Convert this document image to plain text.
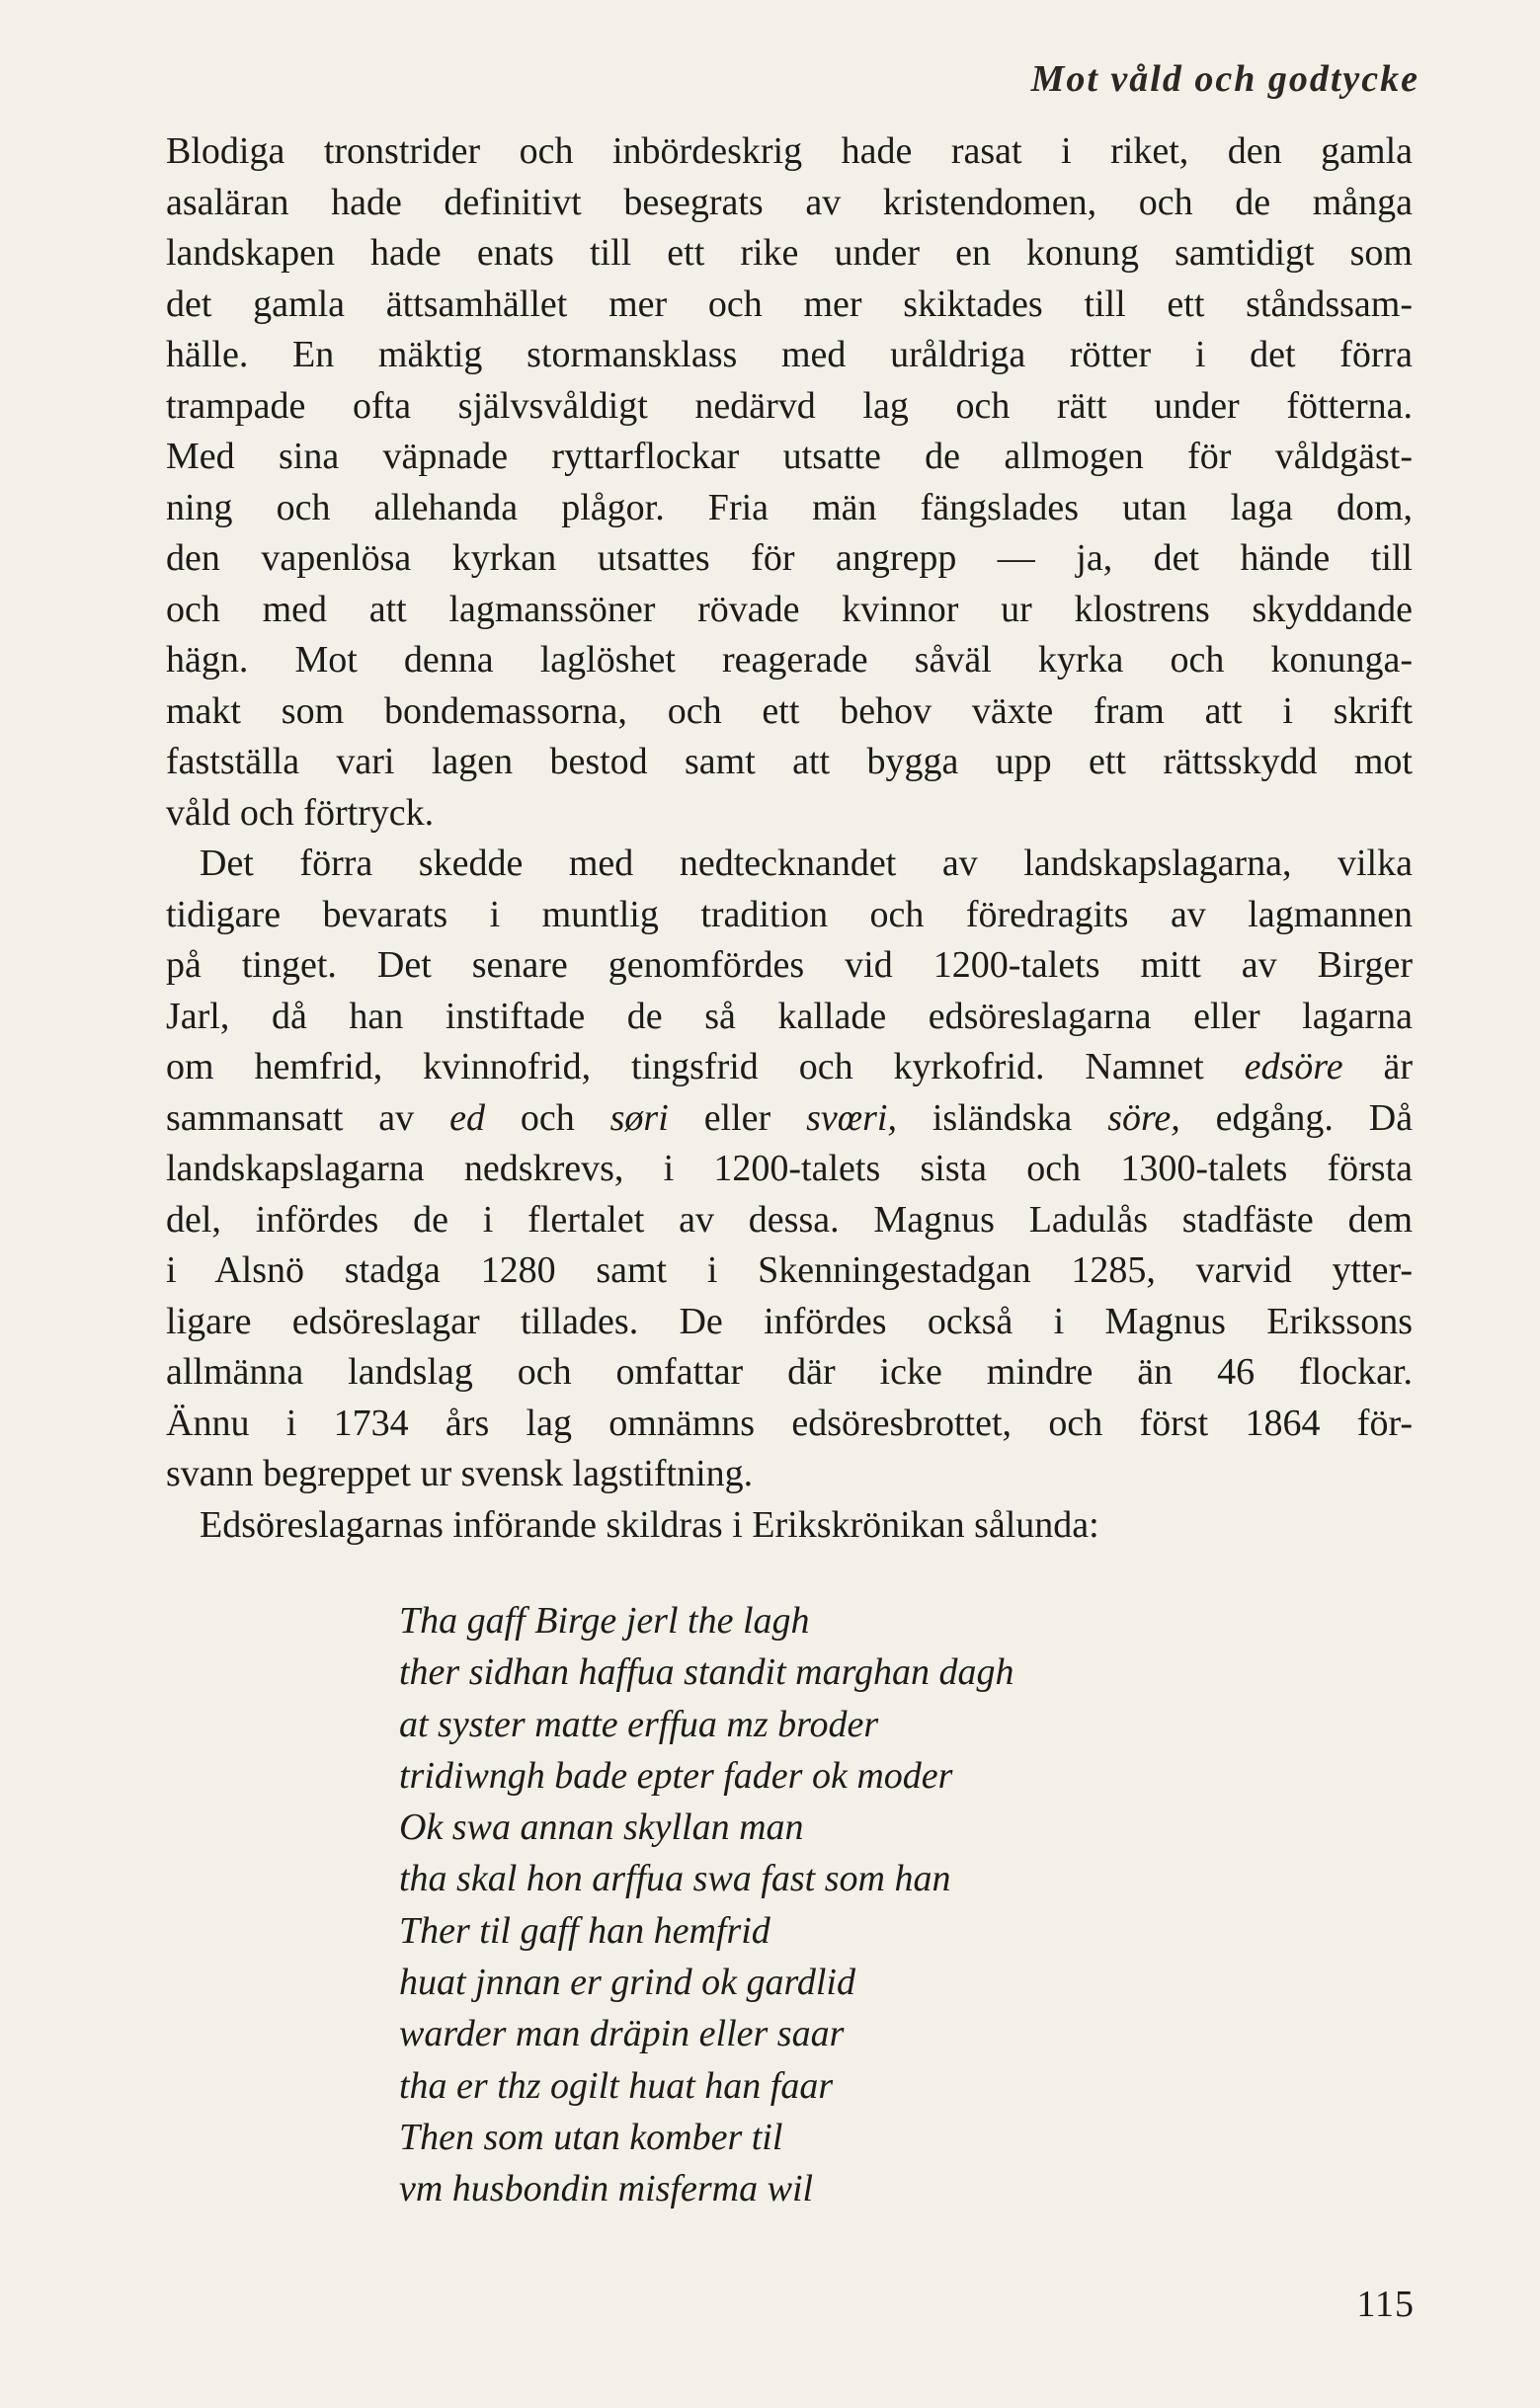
Mot våld och godtycke
Blodiga tronstrider och inbördeskrig hade rasat i riket, den gamla
asaläran hade definitivt besegrats av kristendomen, och de många
landskapen hade enats till ett rike under en konung samtidigt som
det gamla ättsamhället mer och mer skiktades till ett ståndssam-
hälle. En mäktig stormansklass med uråldriga rötter i det förra
trampade ofta självsvåldigt nedärvd lag och rätt under fötterna.
Med sina väpnade ryttarflockar utsatte de allmogen för våldgäst-
ning och allehanda plågor. Fria män fängslades utan laga dom,
den vapenlösa kyrkan utsattes för angrepp — ja, det hände till
och med att lagmanssöner rövade kvinnor ur klostrens skyddande
hägn. Mot denna laglöshet reagerade såväl kyrka och konunga-
makt som bondemassorna, och ett behov växte fram att i skrift
fastställa vari lagen bestod samt att bygga upp ett rättsskydd mot
våld och förtryck.
Det förra skedde med nedtecknandet av landskapslagarna, vilka
tidigare bevarats i muntlig tradition och föredragits av lagmannen
på tinget. Det senare genomfördes vid 1200-talets mitt av Birger
Jarl, då han instiftade de så kallade edsöreslagarna eller lagarna
om hemfrid, kvinnofrid, tingsfrid och kyrkofrid. Namnet edsöre är
sammansatt av ed och søri eller svœri, isländska söre, edgång. Då
landskapslagarna nedskrevs, i 1200-talets sista och 1300-talets första
del, infördes de i flertalet av dessa. Magnus Ladulås stadfäste dem
i Alsnö stadga 1280 samt i Skenningestadgan 1285, varvid ytter-
ligare edsöreslagar tillades. De infördes också i Magnus Erikssons
allmänna landslag och omfattar där icke mindre än 46 flockar.
Ännu i 1734 års lag omnämns edsöresbrottet, och först 1864 för-
svann begreppet ur svensk lagstiftning.
Edsöreslagarnas införande skildras i Erikskrönikan sålunda:
Tha gaff Birge jerl the lagh
ther sidhan haffua standit marghan dagh
at syster matte erffua mz broder
tridiwngh bade epter fader ok moder
Ok swa annan skyllan man
tha skal hon arffua swa fast som han
Ther til gaff han hemfrid
huat jnnan er grind ok gardlid
warder man dräpin eller saar
tha er thz ogilt huat han faar
Then som utan komber til
vm husbondin misferma wil
115
